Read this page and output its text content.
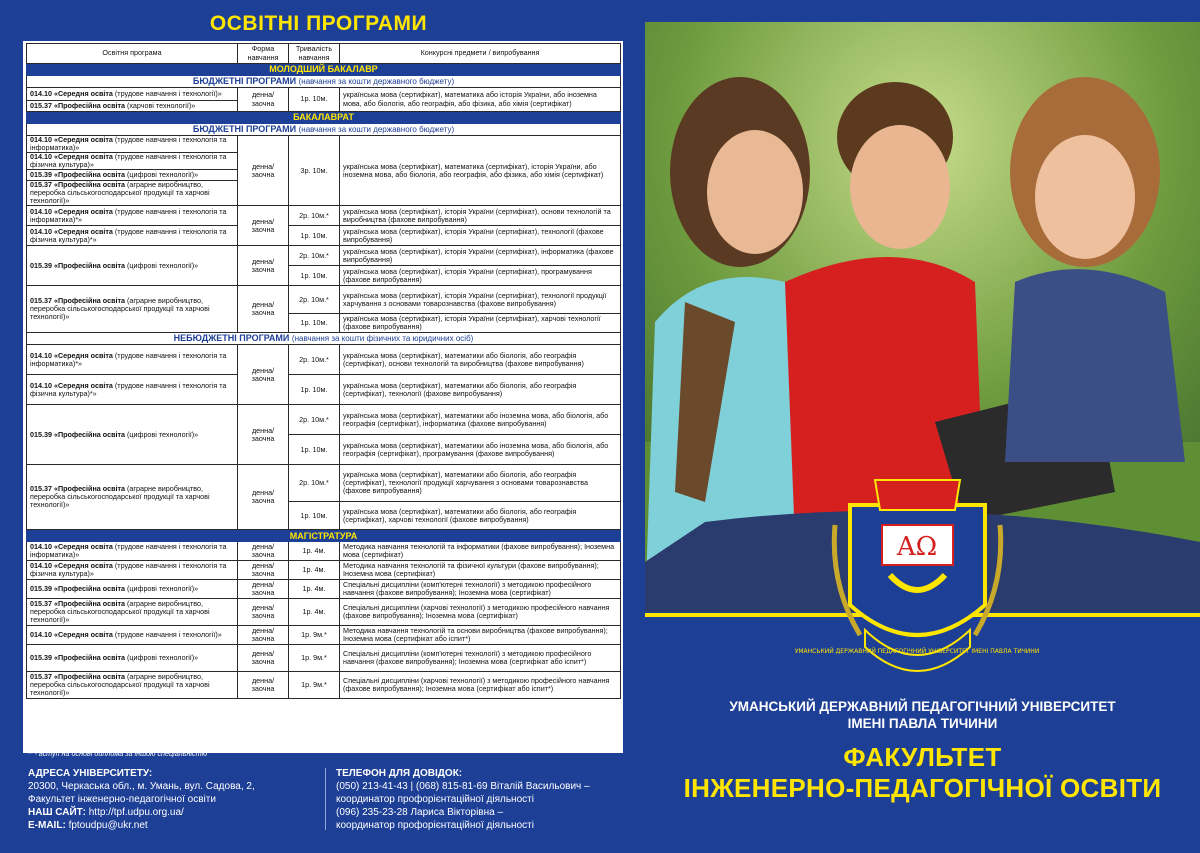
ОСВІТНІ ПРОГРАМИ
Освітня програма	Форма навчання	Тривалість навчання	Конкурсні предмети / випробування
МОЛОДШИЙ БАКАЛАВР			
БЮДЖЕТНІ ПРОГРАМИ (навчання за кошти державного бюджету)			
014.10 «Середня освіта (трудове навчання і технології)»	денна/ заочна	1р. 10м.	українська мова (сертифікат), математика або історія України, або іноземна мова, або біологія, або географія, або фізика, або хімія (сертифікат)
015.37 «Професійна освіта (харчові технології)»			
БАКАЛАВРАТ			
БЮДЖЕТНІ ПРОГРАМИ (навчання за кошти державного бюджету)			
014.10 «Середня освіта (трудове навчання і технологія та інформатика)»	денна/ заочна	3р. 10м.	українська мова (сертифікат), математика (сертифікат), історія України, або іноземна мова, або біологія, або географія, або фізика, або хімія (сертифікат)
014.10 «Середня освіта (трудове навчання і технологія та фізична культура)»			
015.39 «Професійна освіта (цифрові технології)»			
015.37 «Професійна освіта (аграрне виробництво, переробка сільськогосподарської продукції та харчові технології)»			
014.10 «Середня освіта (трудове навчання і технологія та інформатика)*»	денна/ заочна	2р. 10м.*	українська мова (сертифікат), історія України (сертифікат), основи технологій та виробництва (фахове випробування)
014.10 «Середня освіта (трудове навчання і технологія та фізична культура)*»		1р. 10м.	українська мова (сертифікат), історія України (сертифікат), технології (фахове випробування)
015.39 «Професійна освіта (цифрові технології)»	денна/ заочна	2р. 10м.*	українська мова (сертифікат), історія України (сертифікат), інформатика (фахове випробування)
		1р. 10м.	українська мова (сертифікат), історія України (сертифікат), програмування (фахове випробування)
015.37 «Професійна освіта (аграрне виробництво, переробка сільськогосподарської продукції та харчові технології)»	денна/ заочна	2р. 10м.*	українська мова (сертифікат), історія України (сертифікат), технології продукції харчування з основами товарознавства (фахове випробування)
		1р. 10м.	українська мова (сертифікат), історія України (сертифікат), харчові технології (фахове випробування)
НЕБЮДЖЕТНІ ПРОГРАМИ (навчання за кошти фізичних та юридичних осіб)			
014.10 «Середня освіта (трудове навчання і технологія та інформатика)*»	денна/ заочна	2р. 10м.*	українська мова (сертифікат), математики або біологія, або географія (сертифікат), основи технологій та виробництва (фахове випробування)
014.10 «Середня освіта (трудове навчання і технологія та фізична культура)*»		1р. 10м.	українська мова (сертифікат), математики або біологія, або географія (сертифікат), технології (фахове випробування)
015.39 «Професійна освіта (цифрові технології)»	денна/ заочна	2р. 10м.*	українська мова (сертифікат), математики або іноземна мова, або біологія, або географія (сертифікат), інформатика (фахове випробування)
		1р. 10м.	українська мова (сертифікат), математики або іноземна мова, або біологія, або географія (сертифікат), програмування (фахове випробування)
015.37 «Професійна освіта (аграрне виробництво, переробка сільськогосподарської продукції та харчові технології)»	денна/ заочна	2р. 10м.*	українська мова (сертифікат), математики або біологія, або географія (сертифікат), технології продукції харчування з основами товарознавства (фахове випробування)
		1р. 10м.	українська мова (сертифікат), математики або біологія, або географія (сертифікат), харчові технології (фахове випробування)
МАГІСТРАТУРА			
014.10 «Середня освіта (трудове навчання і технологія та інформатика)»	денна/ заочна	1р. 4м.	Методика навчання технологій та інформатики (фахове випробування); Іноземна мова (сертифікат)
014.10 «Середня освіта (трудове навчання і технологія та фізична культура)»	денна/ заочна	1р. 4м.	Методика навчання технологій та фізичної культури (фахове випробування); Іноземна мова (сертифікат)
015.39 «Професійна освіта (цифрові технології)»	денна/ заочна	1р. 4м.	Спеціальні дисципліни (комп'ютерні технології) з методикою професійного навчання (фахове випробування); Іноземна мова (сертифікат)
015.37 «Професійна освіта (аграрне виробництво, переробка сільськогосподарської продукції та харчові технології)»	денна/ заочна	1р. 4м.	Спеціальні дисципліни (харчові технології) з методикою професійного навчання (фахове випробування); Іноземна мова (сертифікат)
014.10 «Середня освіта (трудове навчання і технології)»	денна/ заочна	1р. 9м.*	Методика навчання технологій та основи виробництва (фахове випробування); Іноземна мова (сертифікат або іспит*)
015.39 «Професійна освіта (цифрові технології)»	денна/ заочна	1р. 9м.*	Спеціальні дисципліни (комп'ютерні технології) з методикою професійного навчання (фахове випробування); Іноземна мова (сертифікат або іспит*)
015.37 «Професійна освіта (аграрне виробництво, переробка сільськогосподарської продукції та харчові технології)»	денна/ заочна	1р. 9м.*	Спеціальні дисципліни (харчові технології) з методикою професійного навчання (фахове випробування); Іноземна мова (сертифікат або іспит*)
* - при вступі на основі освітнього ступеня «магістр» або освітньо-кваліфікаційного рівня «спеціаліст»
** - вступ на основі диплома за іншою спеціальністю
АДРЕСА УНІВЕРСИТЕТУ:
20300, Черкаська обл., м. Умань, вул. Садова, 2,
Факультет інженерно-педагогічної освіти
НАШ САЙТ: http://tpf.udpu.org.ua/
E-MAIL: fptoudpu@ukr.net
ТЕЛЕФОН ДЛЯ ДОВІДОК:
(050) 213-41-43 | (068) 815-81-69 Віталій Васильович –
координатор профорієнтаційної діяльності
(096) 235-23-28 Лариса Вікторівна –
координатор профорієнтаційної діяльності
ΑΩ
УМАНСЬКИЙ ДЕРЖАВНИЙ ПЕДАГОГІЧНИЙ УНІВЕРСИТЕТ ІМЕНІ ПАВЛА ТИЧИНИ
УМАНСЬКИЙ ДЕРЖАВНИЙ ПЕДАГОГІЧНИЙ УНІВЕРСИТЕТ
ІМЕНІ ПАВЛА ТИЧИНИ
ФАКУЛЬТЕТ
ІНЖЕНЕРНО-ПЕДАГОГІЧНОЇ ОСВІТИ
